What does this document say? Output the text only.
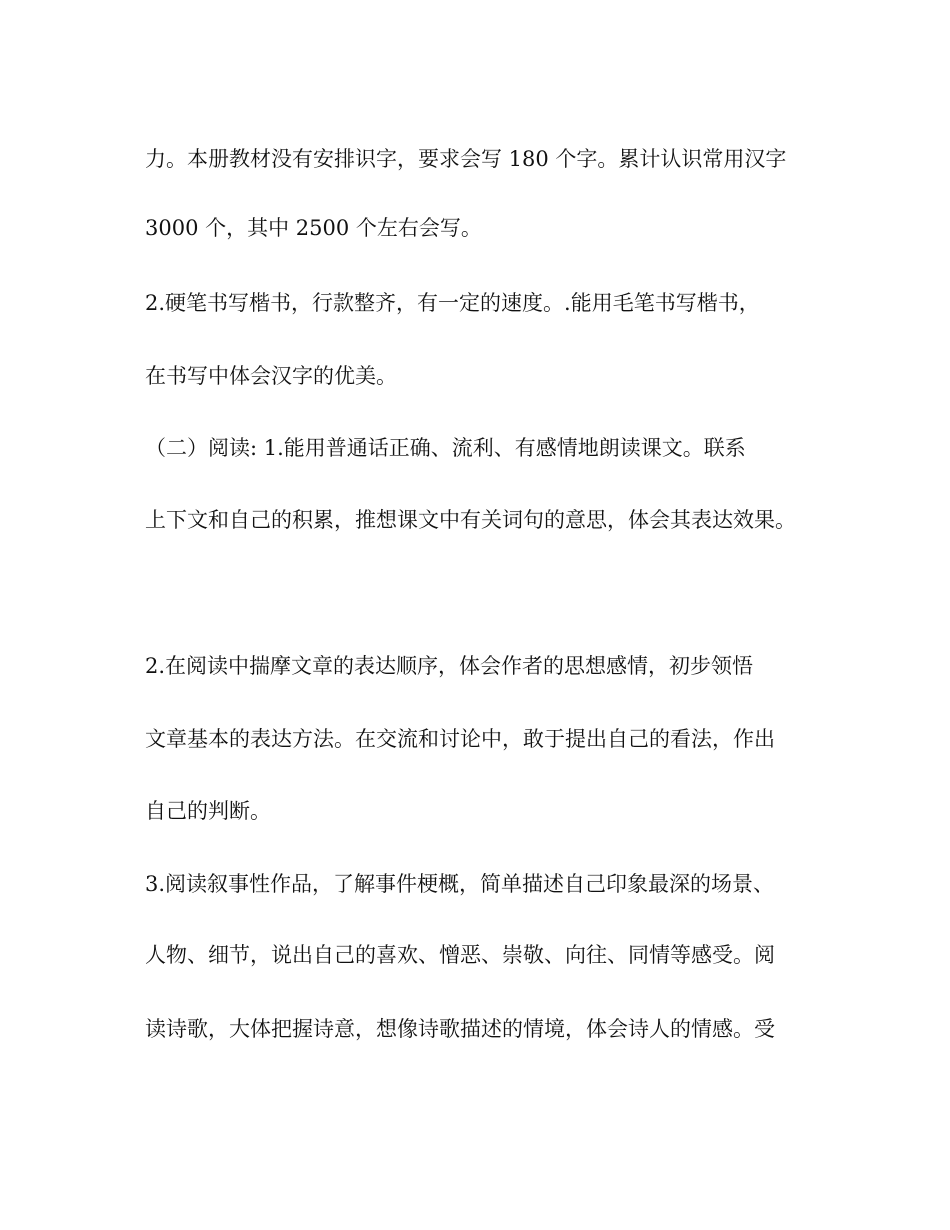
力。本册教材没有安排识字，要求会写 180 个字。累计认识常用汉字

3000 个，其中 2500 个左右会写。

2.硬笔书写楷书，行款整齐，有一定的速度。.能用毛笔书写楷书，

在书写中体会汉字的优美。

（二）阅读: 1.能用普通话正确、流利、有感情地朗读课文。联系

上下文和自己的积累，推想课文中有关词句的意思，体会其表达效果。

2.在阅读中揣摩文章的表达顺序，体会作者的思想感情，初步领悟

文章基本的表达方法。在交流和讨论中，敢于提出自己的看法，作出

自己的判断。

3.阅读叙事性作品，了解事件梗概，简单描述自己印象最深的场景、

人物、细节，说出自己的喜欢、憎恶、崇敬、向往、同情等感受。阅

读诗歌，大体把握诗意，想像诗歌描述的情境，体会诗人的情感。受
